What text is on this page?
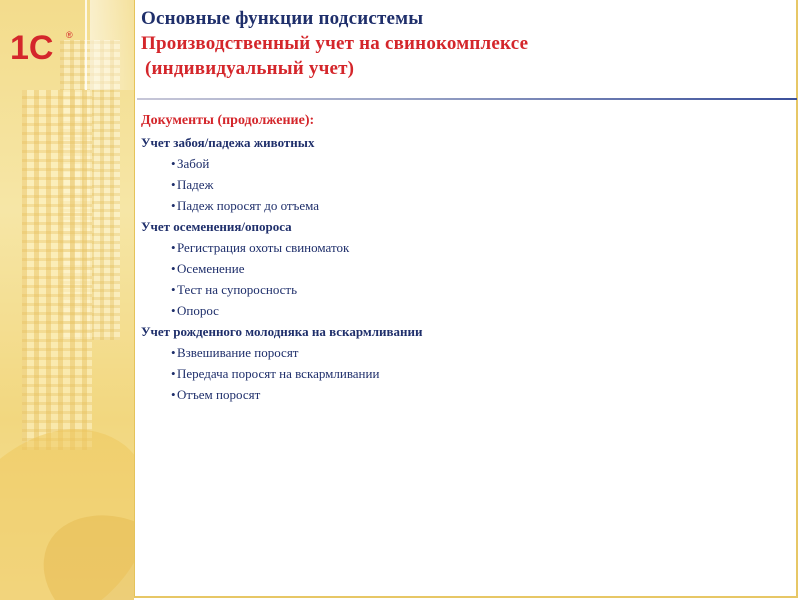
1С ®
Основные функции подсистемы
Производственный учет на свинокомплексе
(индивидуальный учет)
Документы (продолжение):
Учет забоя/падежа животных
•Забой
•Падеж
•Падеж поросят до отъема
Учет осеменения/опороса
•Регистрация охоты свиноматок
•Осеменение
•Тест на супоросность
•Опорос
Учет рожденного молодняка на вскармливании
•Взвешивание поросят
•Передача поросят на вскармливании
•Отъем поросят
